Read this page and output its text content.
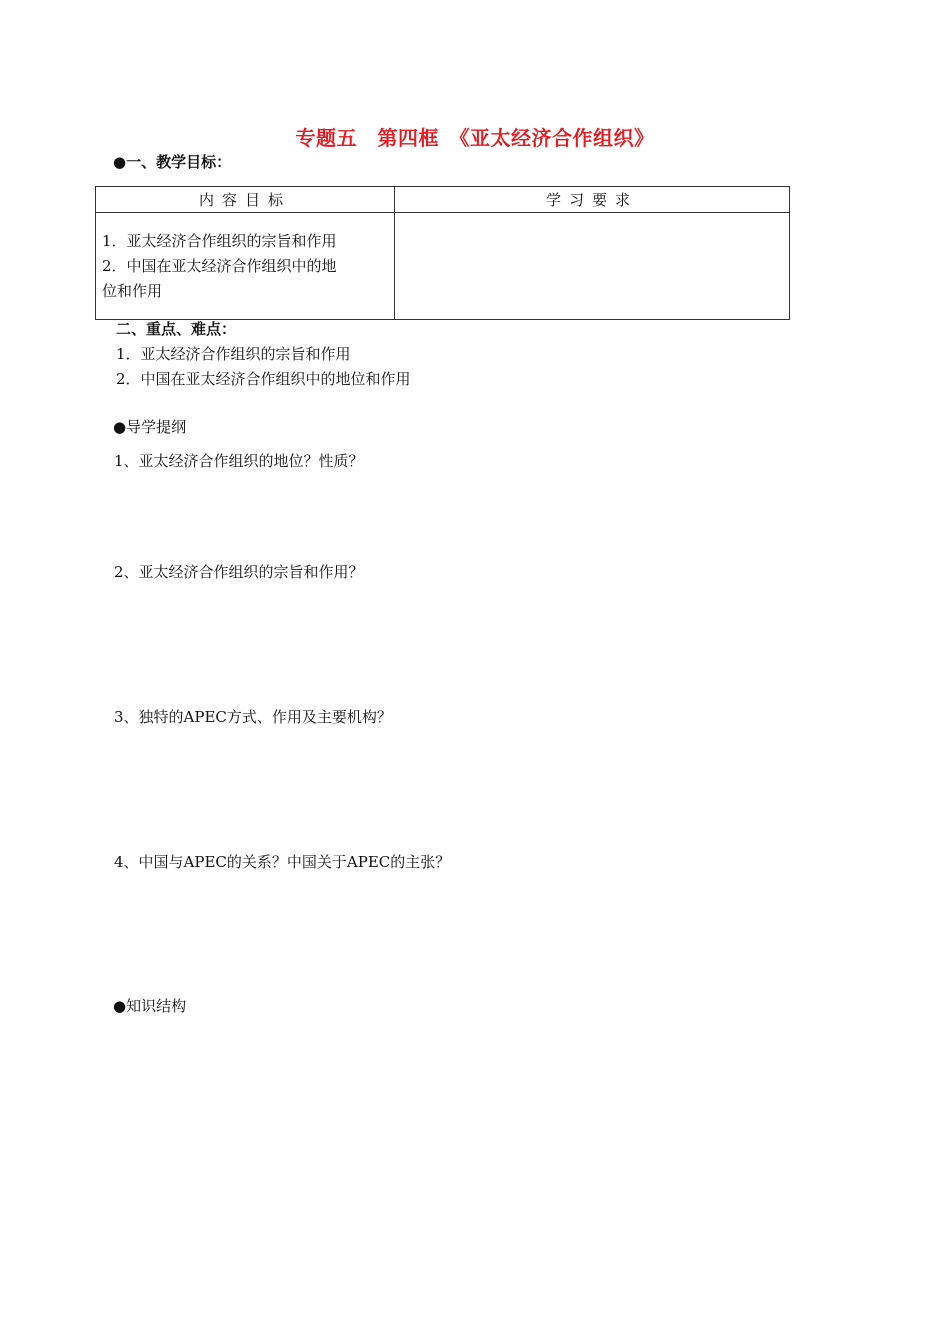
专题五　第四框　《亚太经济合作组织》
●一、教学目标：
内容目标	学习要求

1．亚太经济合作组织的宗旨和作用
2．中国在亚太经济合作组织中的地
位和作用	

二、重点、难点：
1．亚太经济合作组织的宗旨和作用
2．中国在亚太经济合作组织中的地位和作用
●导学提纲
1、亚太经济合作组织的地位？性质？
2、亚太经济合作组织的宗旨和作用？
3、独特的APEC方式、作用及主要机构？
4、中国与APEC的关系？中国关于APEC的主张？
●知识结构
